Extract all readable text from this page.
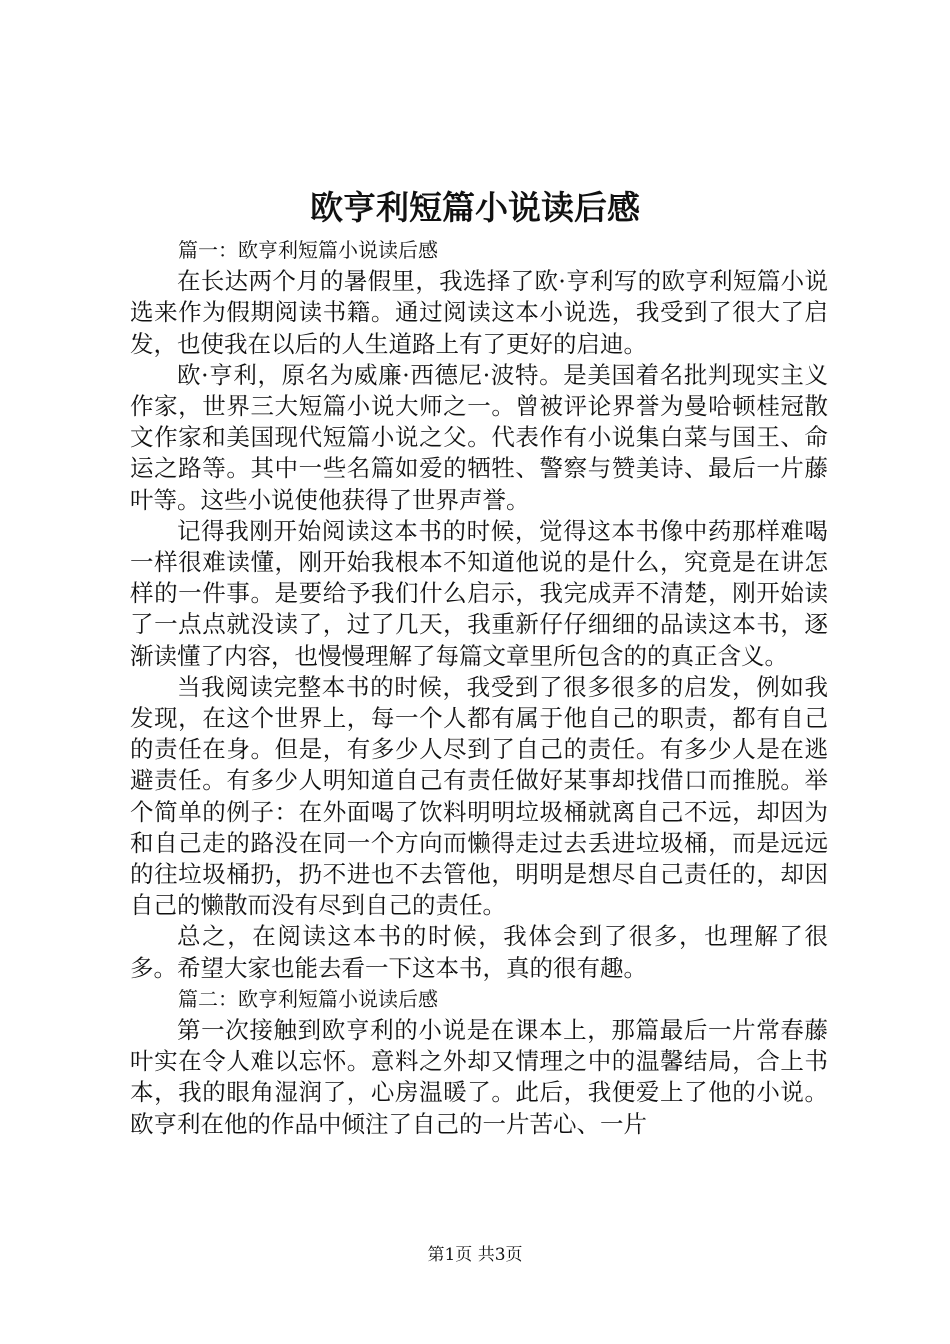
欧亨利短篇小说读后感

篇一：欧亨利短篇小说读后感

在长达两个月的暑假里，我选择了欧·亨利写的欧亨利短篇小说选来作为假期阅读书籍。通过阅读这本小说选，我受到了很大了启发，也使我在以后的人生道路上有了更好的启迪。

欧·亨利，原名为威廉·西德尼·波特。是美国着名批判现实主义作家，世界三大短篇小说大师之一。曾被评论界誉为曼哈顿桂冠散文作家和美国现代短篇小说之父。代表作有小说集白菜与国王、命运之路等。其中一些名篇如爱的牺牲、警察与赞美诗、最后一片藤叶等。这些小说使他获得了世界声誉。

记得我刚开始阅读这本书的时候，觉得这本书像中药那样难喝一样很难读懂，刚开始我根本不知道他说的是什么，究竟是在讲怎样的一件事。是要给予我们什么启示，我完成弄不清楚，刚开始读了一点点就没读了，过了几天，我重新仔仔细细的品读这本书，逐渐读懂了内容，也慢慢理解了每篇文章里所包含的的真正含义。

当我阅读完整本书的时候，我受到了很多很多的启发，例如我发现，在这个世界上，每一个人都有属于他自己的职责，都有自己的责任在身。但是，有多少人尽到了自己的责任。有多少人是在逃避责任。有多少人明知道自己有责任做好某事却找借口而推脱。举个简单的例子：在外面喝了饮料明明垃圾桶就离自己不远，却因为和自己走的路没在同一个方向而懒得走过去丢进垃圾桶，而是远远的往垃圾桶扔，扔不进也不去管他，明明是想尽自己责任的，却因自己的懒散而没有尽到自己的责任。

总之，在阅读这本书的时候，我体会到了很多，也理解了很多。希望大家也能去看一下这本书，真的很有趣。

篇二：欧亨利短篇小说读后感

第一次接触到欧亨利的小说是在课本上，那篇最后一片常春藤叶实在令人难以忘怀。意料之外却又情理之中的温馨结局，合上书本，我的眼角湿润了，心房温暖了。此后，我便爱上了他的小说。欧亨利在他的作品中倾注了自己的一片苦心、一片

第1页 共3页
